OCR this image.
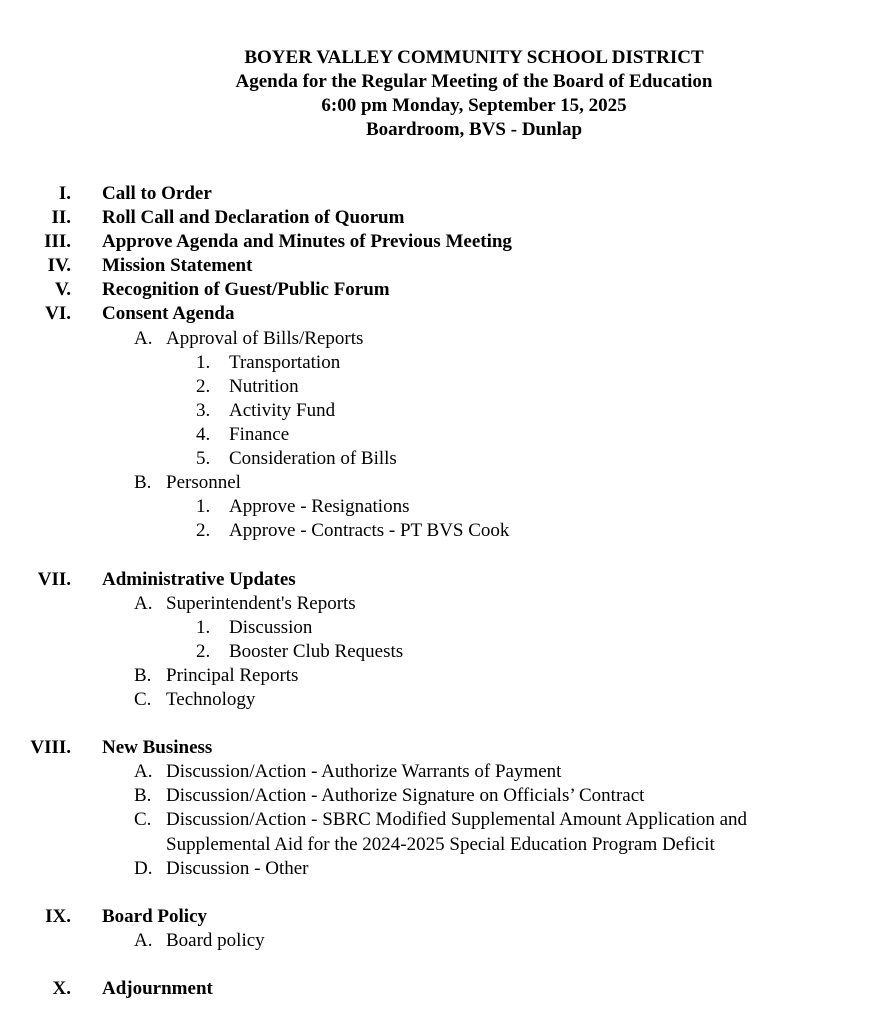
BOYER VALLEY COMMUNITY SCHOOL DISTRICT
Agenda for the Regular Meeting of the Board of Education
6:00 pm Monday, September 15, 2025
Boardroom, BVS - Dunlap
I. Call to Order
II. Roll Call and Declaration of Quorum
III. Approve Agenda and Minutes of Previous Meeting
IV. Mission Statement
V. Recognition of Guest/Public Forum
VI. Consent Agenda
A. Approval of Bills/Reports
1. Transportation
2. Nutrition
3. Activity Fund
4. Finance
5. Consideration of Bills
B. Personnel
1. Approve - Resignations
2. Approve - Contracts - PT BVS Cook
VII. Administrative Updates
A. Superintendent's Reports
1. Discussion
2. Booster Club Requests
B. Principal Reports
C. Technology
VIII. New Business
A. Discussion/Action - Authorize Warrants of Payment
B. Discussion/Action - Authorize Signature on Officials’ Contract
C. Discussion/Action - SBRC Modified Supplemental Amount Application and
Supplemental Aid for the 2024-2025 Special Education Program Deficit
D. Discussion - Other
IX. Board Policy
A. Board policy
X. Adjournment
